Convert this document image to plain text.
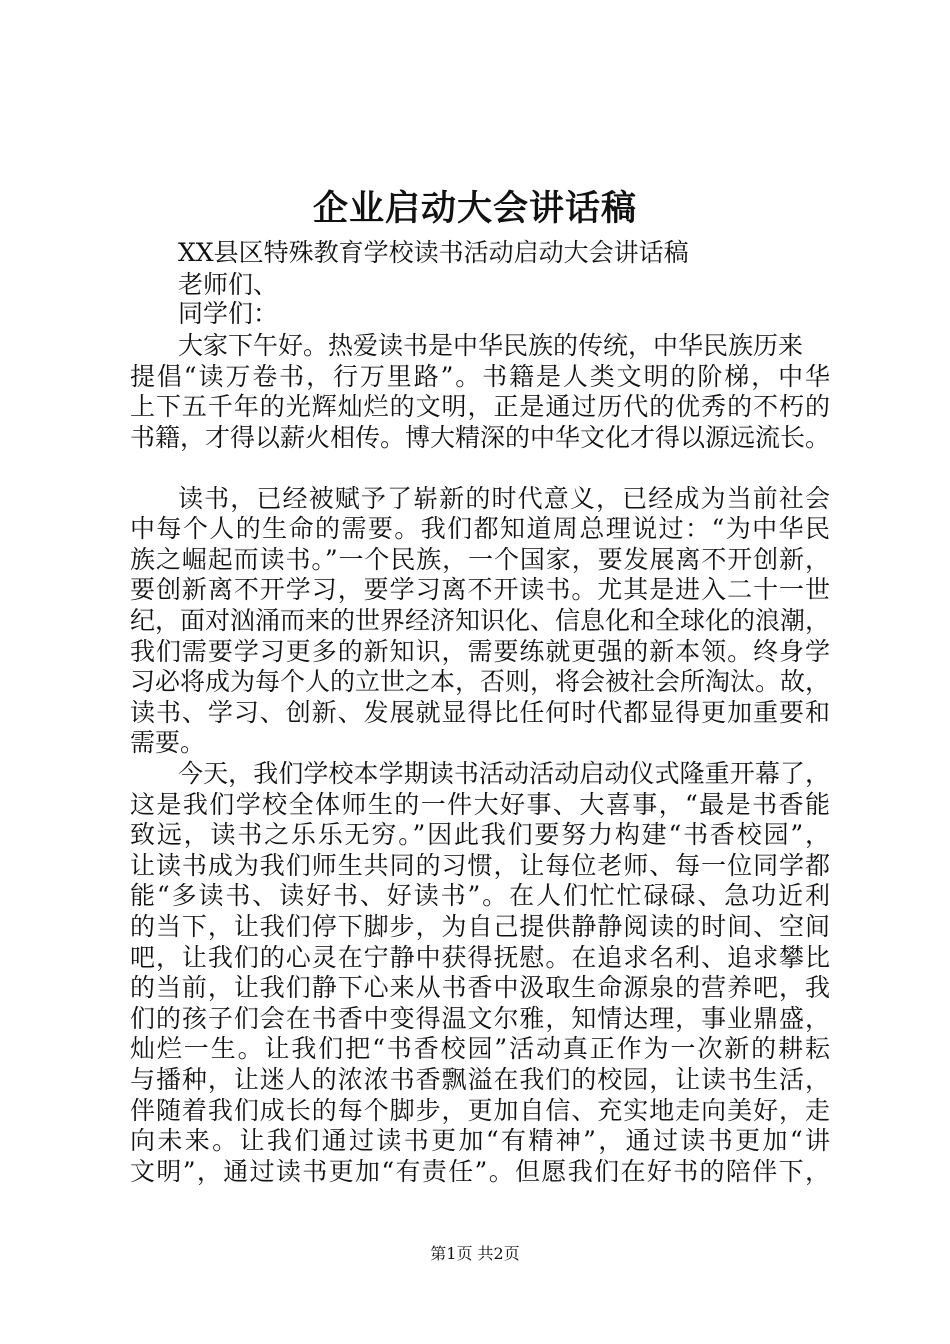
企业启动大会讲话稿
XX县区特殊教育学校读书活动启动大会讲话稿
老师们、
同学们：
大家下午好。热爱读书是中华民族的传统，中华民族历来
提倡“读万卷书，行万里路”。书籍是人类文明的阶梯，中华
上下五千年的光辉灿烂的文明，正是通过历代的优秀的不朽的
书籍，才得以薪火相传。博大精深的中华文化才得以源远流长。
读书，已经被赋予了崭新的时代意义，已经成为当前社会
中每个人的生命的需要。我们都知道周总理说过：“为中华民
族之崛起而读书。”一个民族，一个国家，要发展离不开创新，
要创新离不开学习，要学习离不开读书。尤其是进入二十一世
纪，面对汹涌而来的世界经济知识化、信息化和全球化的浪潮，
我们需要学习更多的新知识，需要练就更强的新本领。终身学
习必将成为每个人的立世之本，否则，将会被社会所淘汰。故，
读书、学习、创新、发展就显得比任何时代都显得更加重要和
需要。
今天，我们学校本学期读书活动活动启动仪式隆重开幕了，
这是我们学校全体师生的一件大好事、大喜事，“最是书香能
致远，读书之乐乐无穷。”因此我们要努力构建“书香校园”，
让读书成为我们师生共同的习惯，让每位老师、每一位同学都
能“多读书、读好书、好读书”。在人们忙忙碌碌、急功近利
的当下，让我们停下脚步，为自己提供静静阅读的时间、空间
吧，让我们的心灵在宁静中获得抚慰。在追求名利、追求攀比
的当前，让我们静下心来从书香中汲取生命源泉的营养吧，我
们的孩子们会在书香中变得温文尔雅，知情达理，事业鼎盛，
灿烂一生。让我们把“书香校园”活动真正作为一次新的耕耘
与播种，让迷人的浓浓书香飘溢在我们的校园，让读书生活，
伴随着我们成长的每个脚步，更加自信、充实地走向美好，走
向未来。让我们通过读书更加“有精神”，通过读书更加“讲
文明”，通过读书更加“有责任”。但愿我们在好书的陪伴下，
第1页 共2页
